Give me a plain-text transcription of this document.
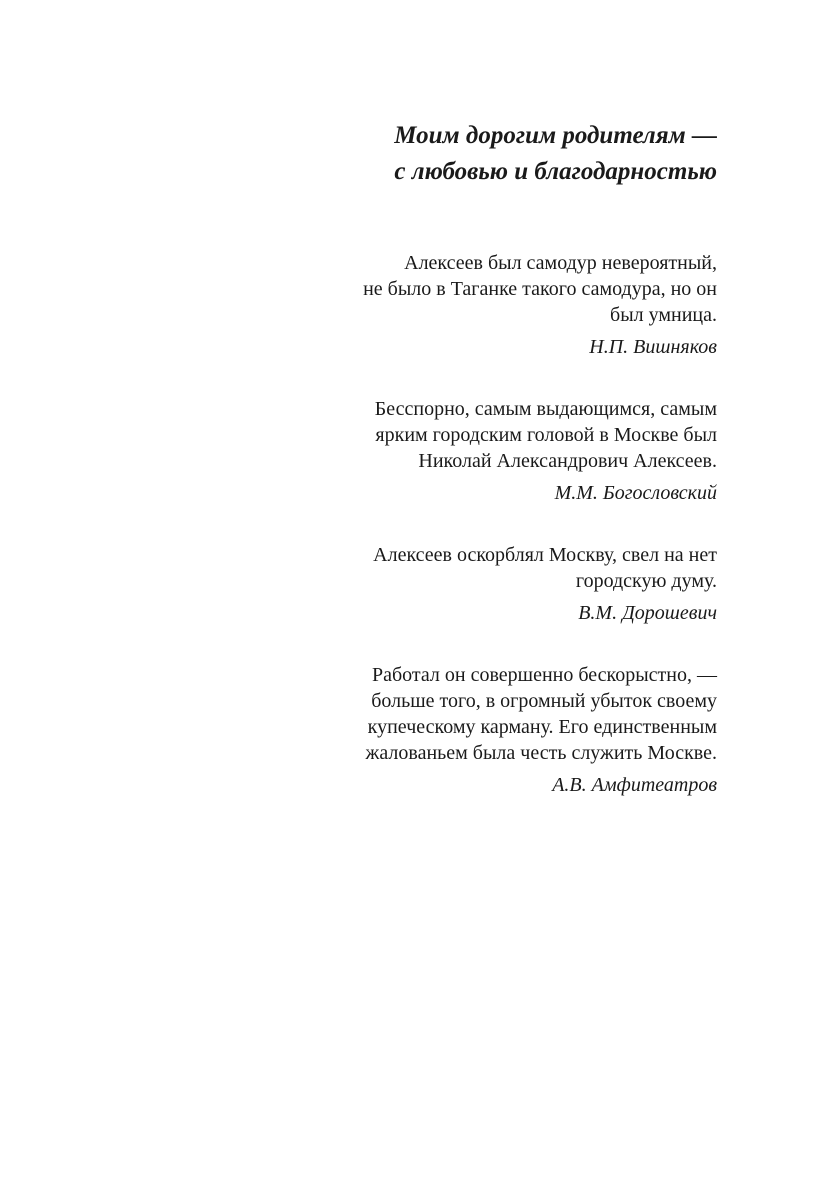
Моим дорогим родителям —
с любовью и благодарностью

Алексеев был самодур невероятный,
не было в Таганке такого самодура, но он
был умница.

Н.П. Вишняков

Бесспорно, самым выдающимся, самым
ярким городским головой в Москве был
Николай Александрович Алексеев.

М.М. Богословский

Алексеев оскорблял Москву, свел на нет
городскую думу.

В.М. Дорошевич

Работал он совершенно бескорыстно, —
больше того, в огромный убыток своему
купеческому карману. Его единственным
жалованьем была честь служить Москве.

А.В. Амфитеатров
